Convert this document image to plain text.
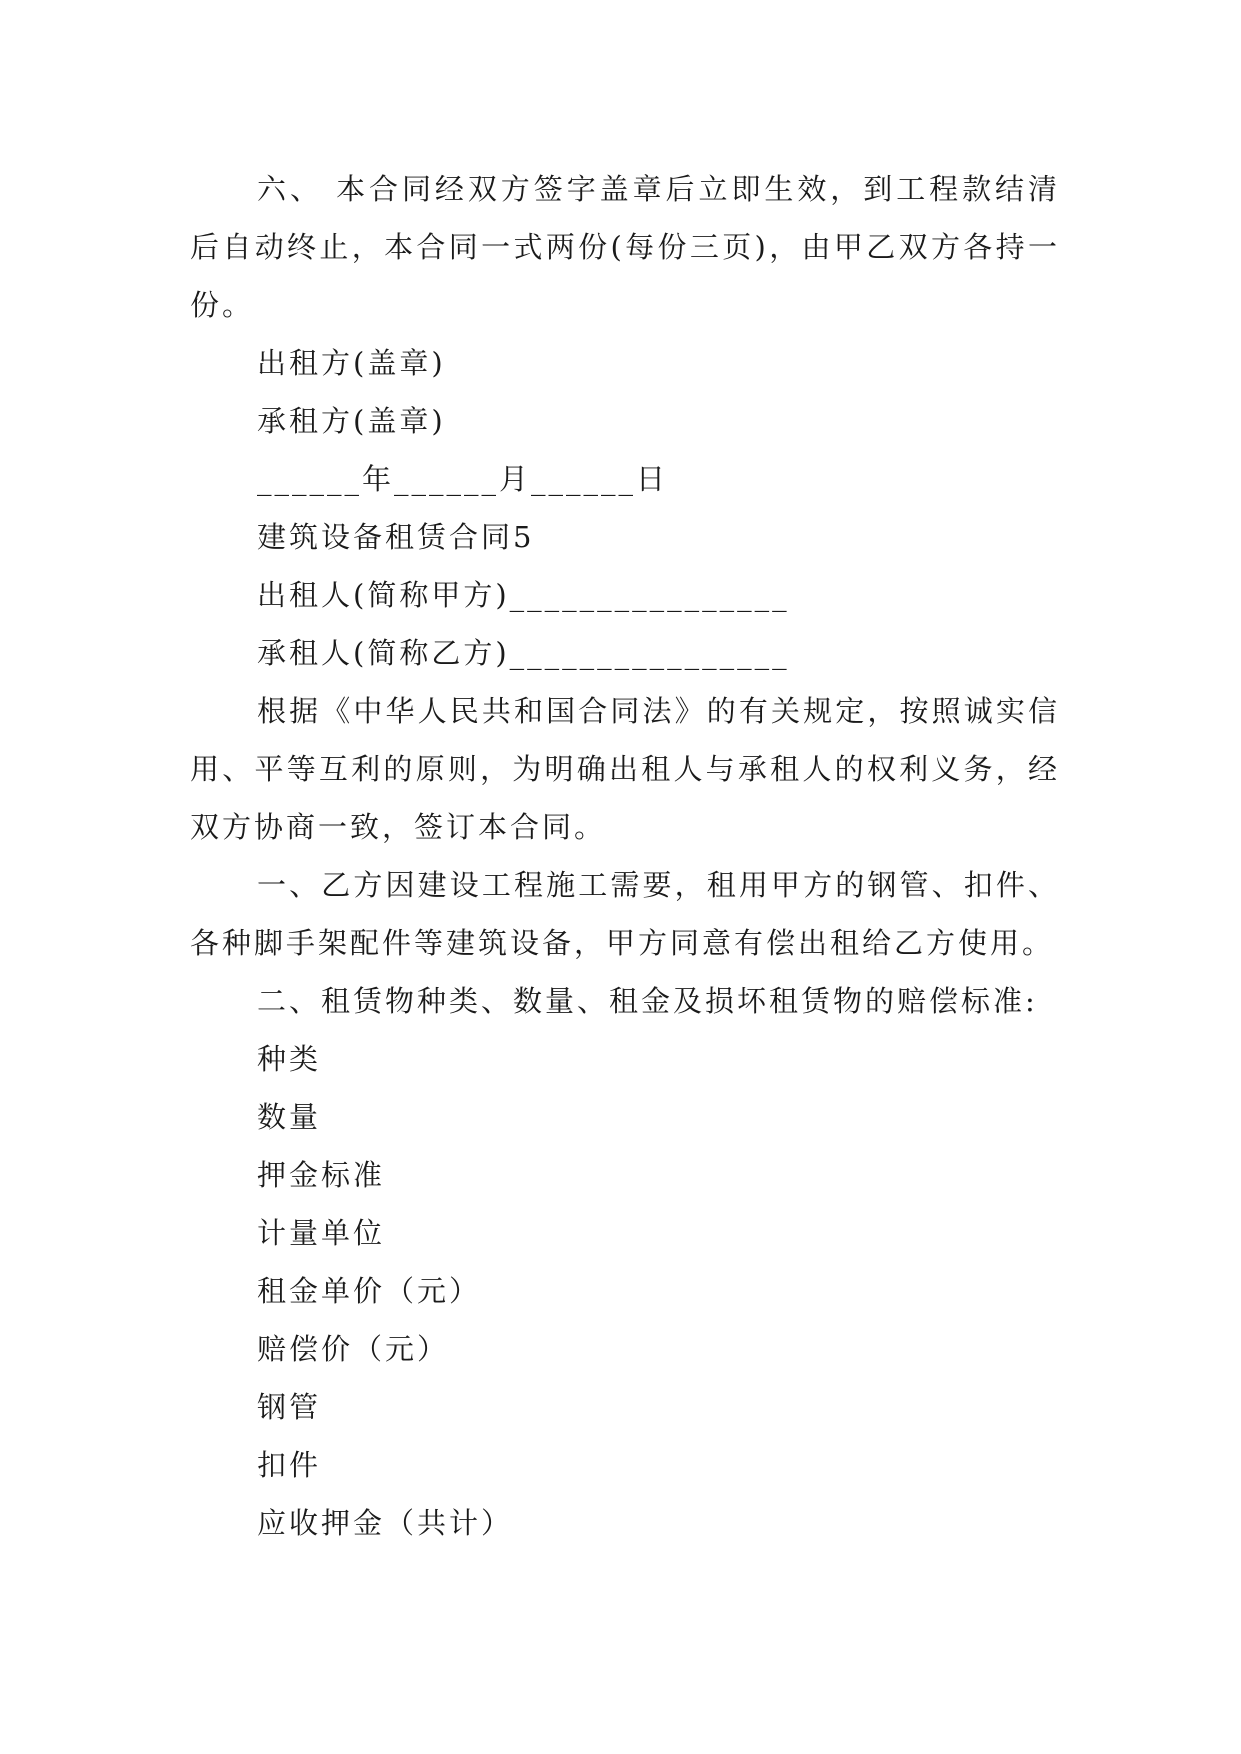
六、 本合同经双方签字盖章后立即生效，到工程款结清后自动终止，本合同一式两份(每份三页)，由甲乙双方各持一份。

出租方(盖章)

承租方(盖章)

______年______月______日

建筑设备租赁合同5

出租人(简称甲方)________________

承租人(简称乙方)________________

根据《中华人民共和国合同法》的有关规定，按照诚实信用、平等互利的原则，为明确出租人与承租人的权利义务，经双方协商一致，签订本合同。

一、乙方因建设工程施工需要，租用甲方的钢管、扣件、各种脚手架配件等建筑设备，甲方同意有偿出租给乙方使用。

二、租赁物种类、数量、租金及损坏租赁物的赔偿标准:

种类

数量

押金标准

计量单位

租金单价（元）

赔偿价（元）

钢管

扣件

应收押金（共计）
